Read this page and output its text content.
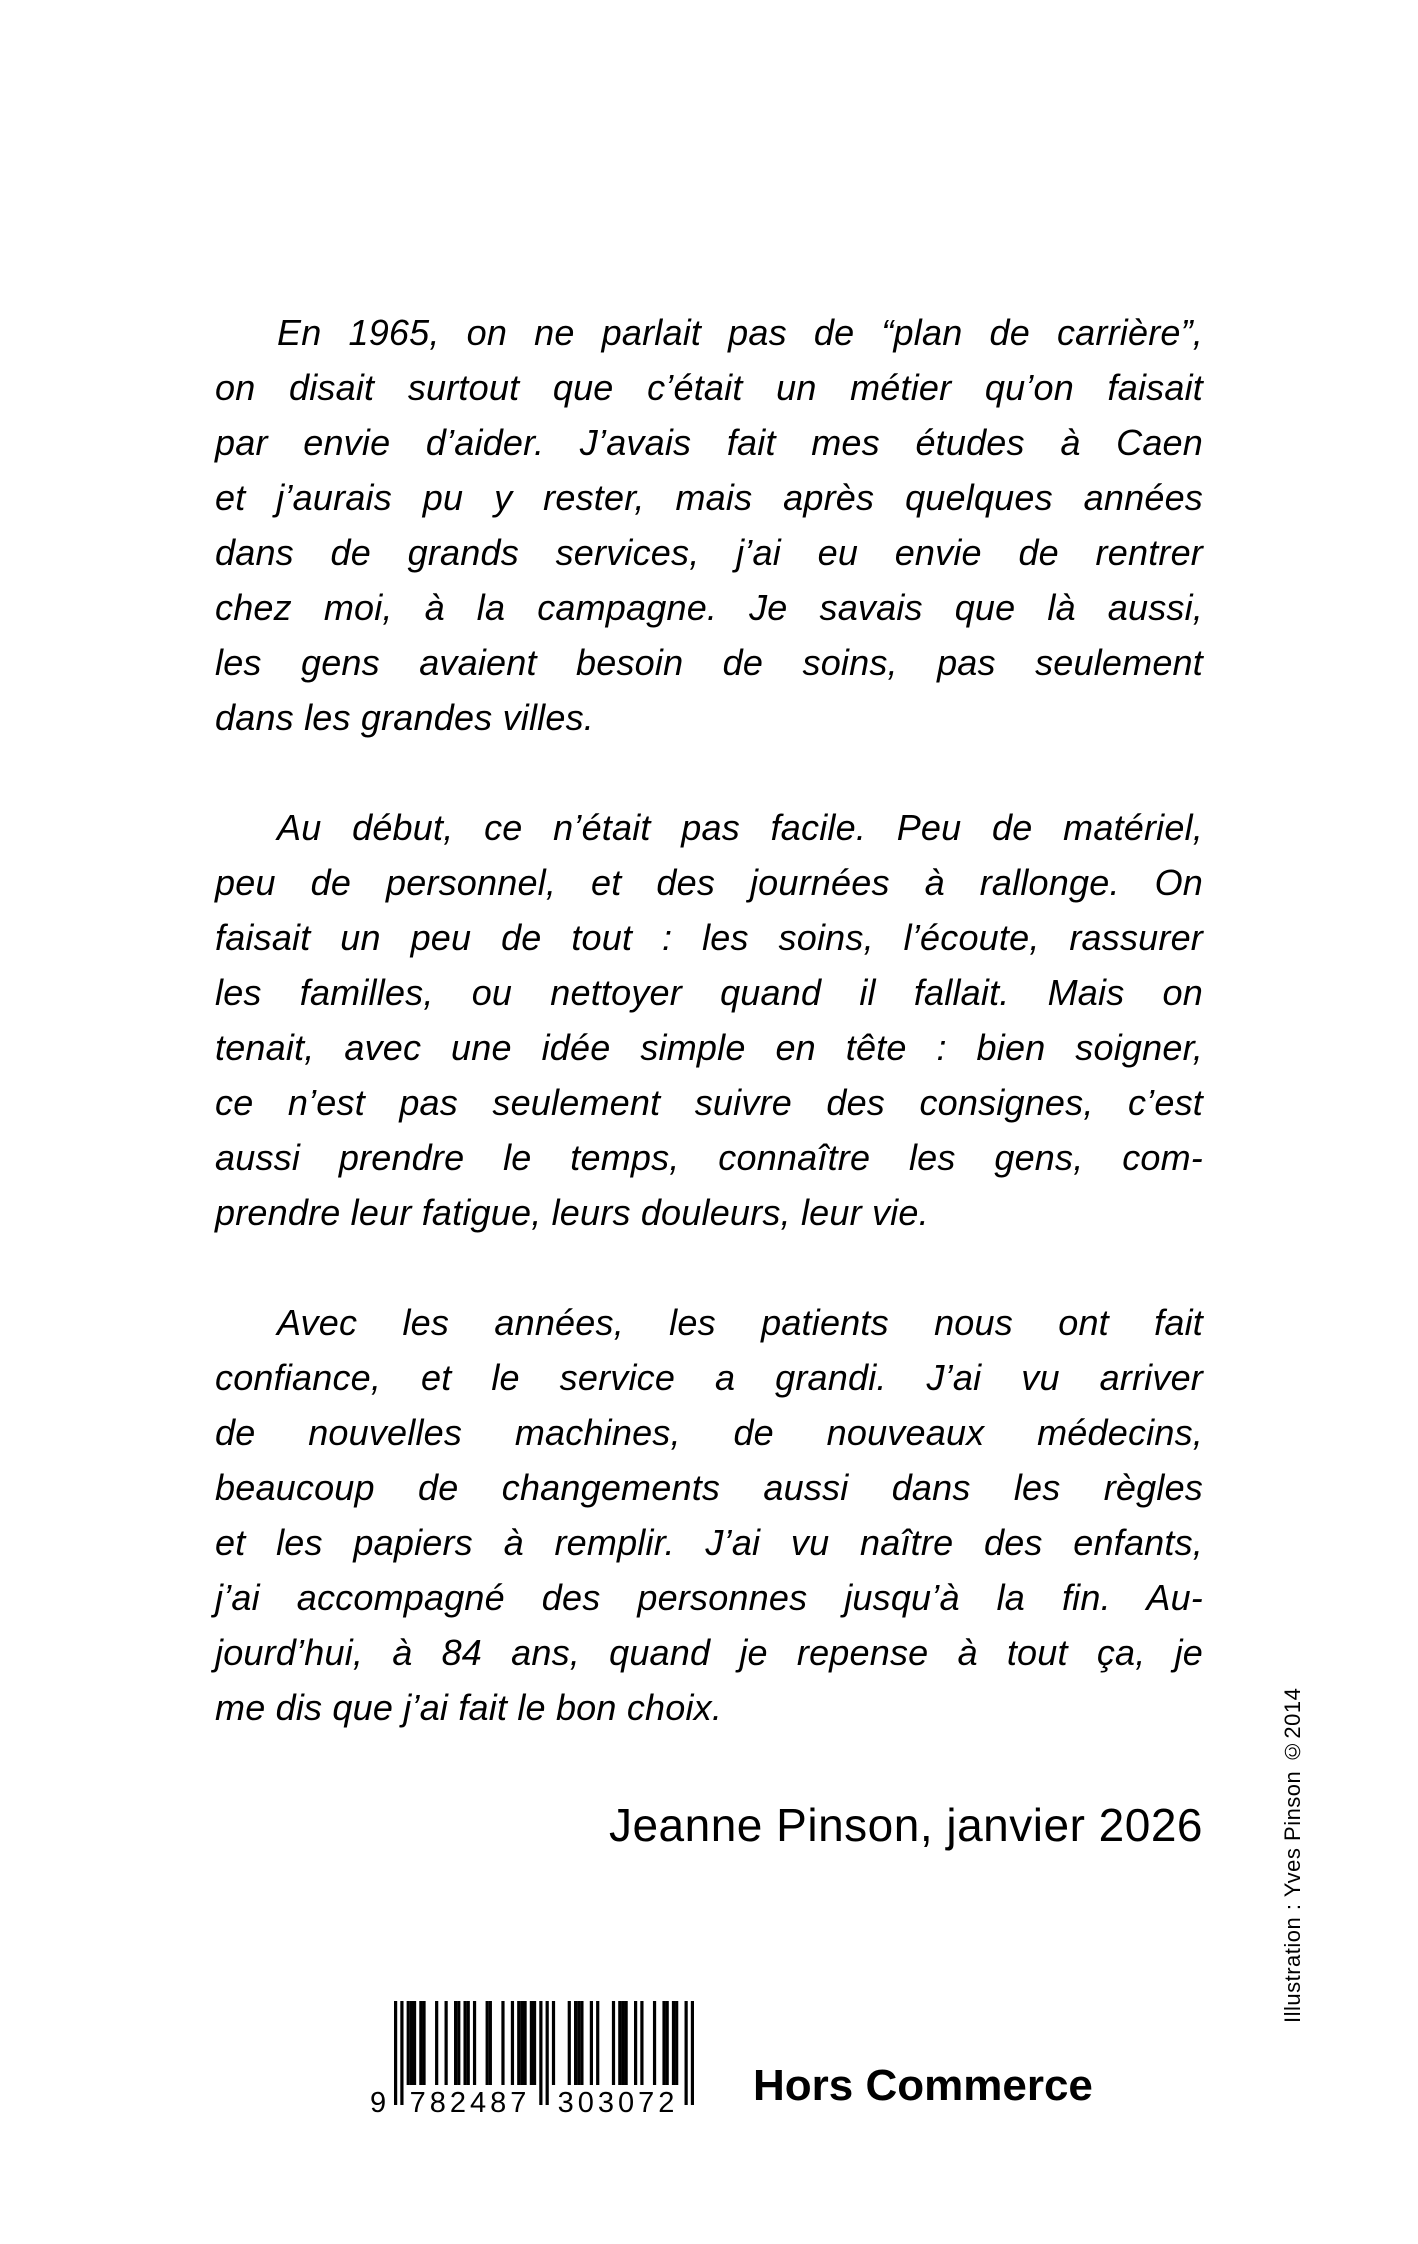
En 1965, on ne parlait pas de “plan de carrière”,
on disait surtout que c’était un métier qu’on faisait
par envie d’aider. J’avais fait mes études à Caen
et j’aurais pu y rester, mais après quelques années
dans de grands services, j’ai eu envie de rentrer
chez moi, à la campagne. Je savais que là aussi,
les gens avaient besoin de soins, pas seulement
dans les grandes villes.
Au début, ce n’était pas facile. Peu de matériel,
peu de personnel, et des journées à rallonge. On
faisait un peu de tout : les soins, l’écoute, rassurer
les familles, ou nettoyer quand il fallait. Mais on
tenait, avec une idée simple en tête : bien soigner,
ce n’est pas seulement suivre des consignes, c’est
aussi prendre le temps, connaître les gens, com-
prendre leur fatigue, leurs douleurs, leur vie.
Avec les années, les patients nous ont fait
confiance, et le service a grandi. J’ai vu arriver
de nouvelles machines, de nouveaux médecins,
beaucoup de changements aussi dans les règles
et les papiers à remplir. J’ai vu naître des enfants,
j’ai accompagné des personnes jusqu’à la fin. Au-
jourd’hui, à 84 ans, quand je repense à tout ça, je
me dis que j’ai fait le bon choix.
Jeanne Pinson, janvier 2026	Illustration : Yves Pinson ©2014
9 782487 303072 Hors Commerce
